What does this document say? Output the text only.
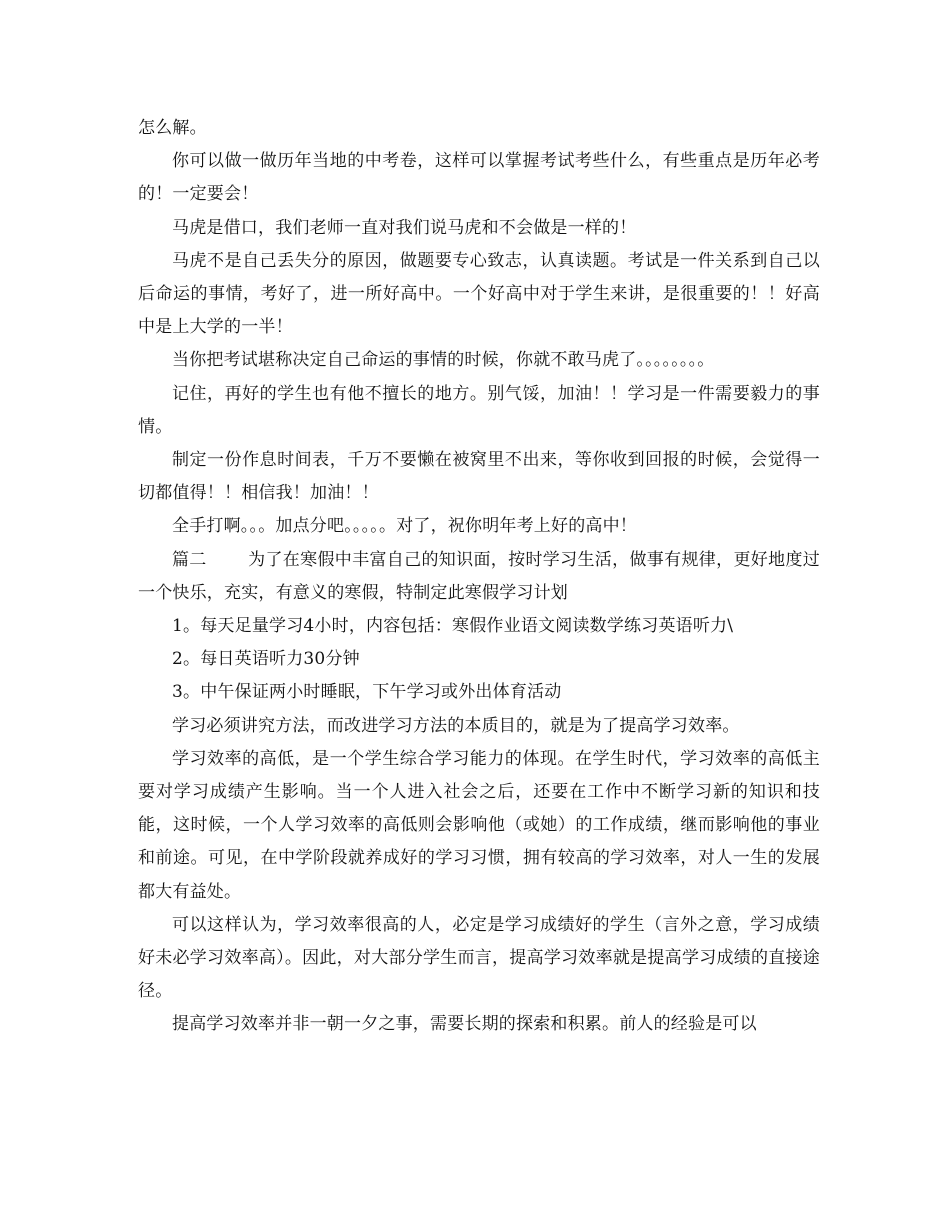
怎么解。

你可以做一做历年当地的中考卷，这样可以掌握考试考些什么，有些重点是历年必考的！一定要会！

马虎是借口，我们老师一直对我们说马虎和不会做是一样的！

马虎不是自己丢失分的原因，做题要专心致志，认真读题。考试是一件关系到自己以后命运的事情，考好了，进一所好高中。一个好高中对于学生来讲，是很重要的！！好高中是上大学的一半！

当你把考试堪称决定自己命运的事情的时候，你就不敢马虎了。。。。。。。。

记住，再好的学生也有他不擅长的地方。别气馁，加油！！学习是一件需要毅力的事情。

制定一份作息时间表，千万不要懒在被窝里不出来，等你收到回报的时候，会觉得一切都值得！！相信我！加油！！

全手打啊。。。加点分吧。。。。。对了，祝你明年考上好的高中！

篇二 为了在寒假中丰富自己的知识面，按时学习生活，做事有规律，更好地度过一个快乐，充实，有意义的寒假，特制定此寒假学习计划

1。每天足量学习4小时，内容包括：寒假作业语文阅读数学练习英语听力\

2。每日英语听力30分钟

3。中午保证两小时睡眠，下午学习或外出体育活动

学习必须讲究方法，而改进学习方法的本质目的，就是为了提高学习效率。

学习效率的高低，是一个学生综合学习能力的体现。在学生时代，学习效率的高低主要对学习成绩产生影响。当一个人进入社会之后，还要在工作中不断学习新的知识和技能，这时候，一个人学习效率的高低则会影响他（或她）的工作成绩，继而影响他的事业和前途。可见，在中学阶段就养成好的学习习惯，拥有较高的学习效率，对人一生的发展都大有益处。

可以这样认为，学习效率很高的人，必定是学习成绩好的学生（言外之意，学习成绩好未必学习效率高）。因此，对大部分学生而言，提高学习效率就是提高学习成绩的直接途径。

提高学习效率并非一朝一夕之事，需要长期的探索和积累。前人的经验是可以
